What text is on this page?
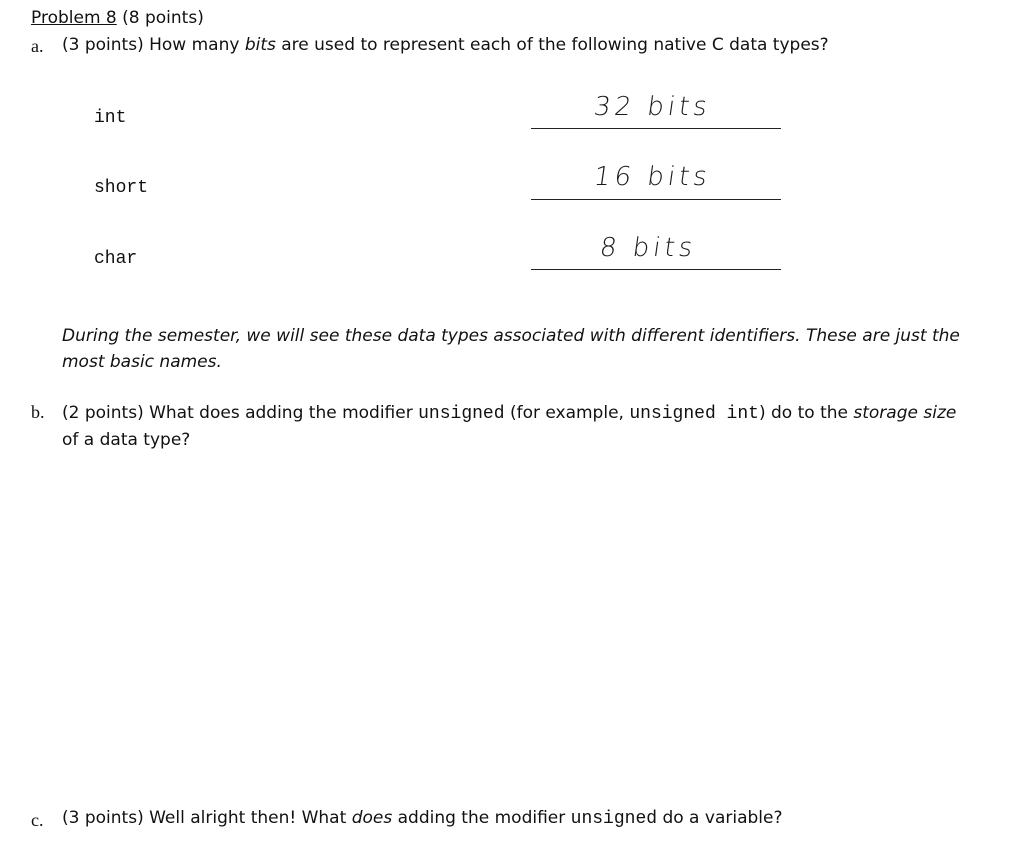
Problem 8 (8 points)
a. (3 points) How many bits are used to represent each of the following native C data types?
int	32 bits
short	16 bits
char	8 bits
During the semester, we will see these data types associated with different identifiers. These are just the most basic names.
b. (2 points) What does adding the modifier unsigned (for example, unsigned int) do to the storage size of a data type?
c. (3 points) Well alright then! What does adding the modifier unsigned do a variable?
